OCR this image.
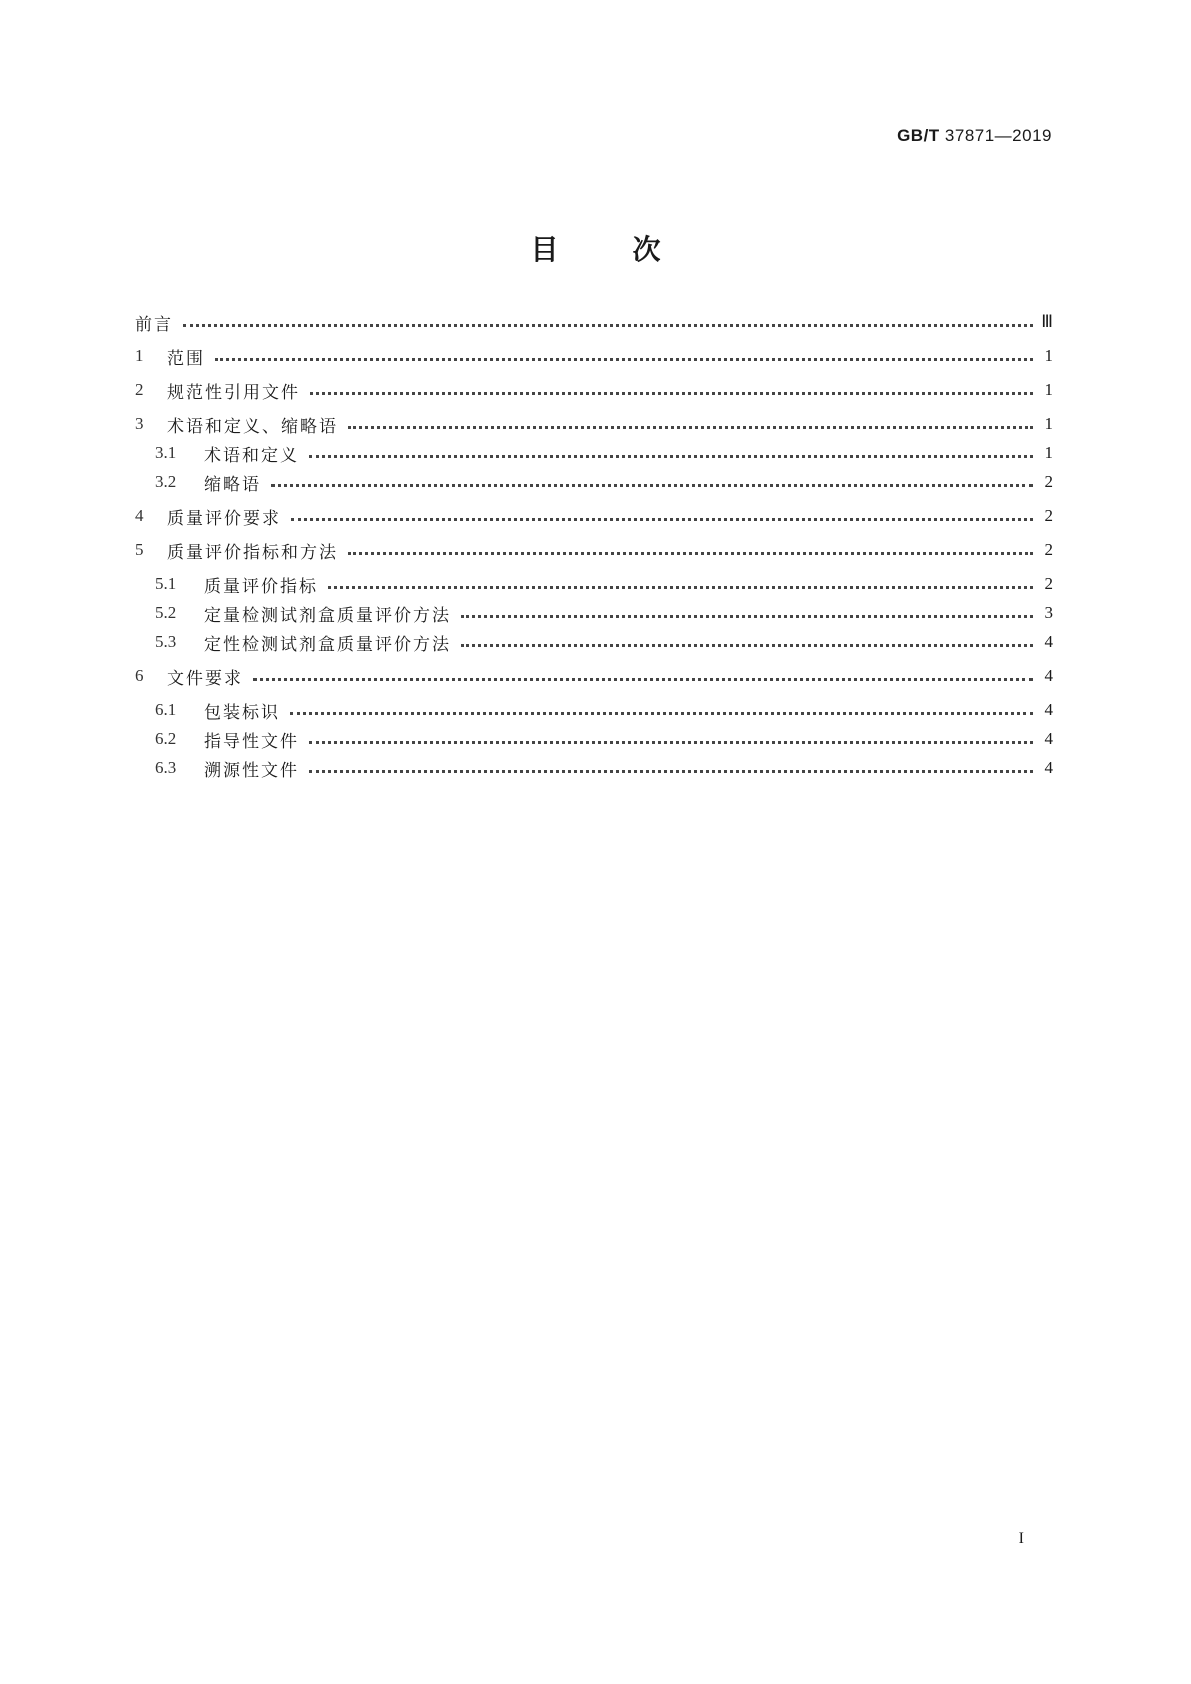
GB/T 37871—2019
目	次
前言	Ⅲ
1	范围	1
2	规范性引用文件	1
3	术语和定义、缩略语	1
3.1	术语和定义	1
3.2	缩略语	2
4	质量评价要求	2
5	质量评价指标和方法	2
5.1	质量评价指标	2
5.2	定量检测试剂盒质量评价方法	3
5.3	定性检测试剂盒质量评价方法	4
6	文件要求	4
6.1	包装标识	4
6.2	指导性文件	4
6.3	溯源性文件	4
I
